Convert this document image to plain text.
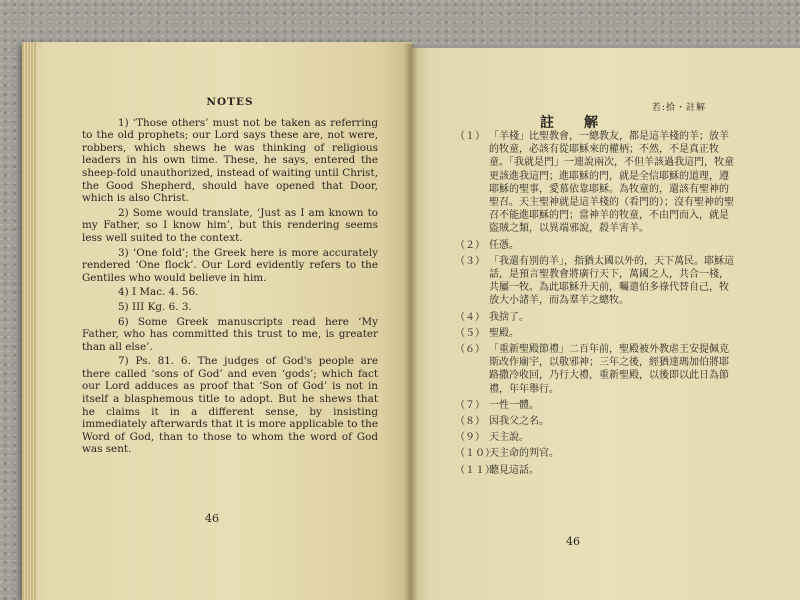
NOTES

1) ‘Those others’ must not be taken as referring to the old prophets; our Lord says these are, not were, robbers, which shews he was thinking of religious leaders in his own time. These, he says, entered the sheep-fold unauthorized, instead of waiting until Christ, the Good Shepherd, should have opened that Door, which is also Christ.

2) Some would translate, ‘Just as I am known to my Father, so I know him’, but this rendering seems less well suited to the context.

3) ‘One fold’; the Greek here is more accurately rendered ‘One flock’. Our Lord evidently refers to the Gentiles who would believe in him.

4) I Mac. 4. 56.

5) III Kg. 6. 3.

6) Some Greek manuscripts read here ‘My Father, who has committed this trust to me, is greater than all else’.

7) Ps. 81. 6. The judges of God's people are there called ‘sons of God’ and even ‘gods’; which fact our Lord adduces as proof that ‘Son of God’ is not in itself a blasphemous title to adopt. But he shews that he claims it in a different sense, by insisting immediately afterwards that it is more applicable to the Word of God, than to those to whom the word of God was sent.

46
若:拾・註解
註　解
（１） 「羊棧」比聖教會，一總教友，都是這羊棧的羊；放羊的牧童，必該有從耶穌來的權柄；不然，不是真正牧童。「我就是門」一連說兩次，不但羊該過我這門，牧童更該進我這門；進耶穌的門，就是全信耶穌的道理，遵耶穌的聖事，愛慕依靠耶穌。為牧童的，還該有聖神的聖召。天主聖神就是這羊棧的（看門的）；沒有聖神的聖召不能進耶穌的門；當神羊的牧童，不由門而入，就是盜賊之類，以異端邪說，殺羊害羊。
（２） 任憑。
（３） 「我還有別的羊」，指猶太國以外的，天下萬民。耶穌這話，是預言聖教會將廣行天下，萬國之人，共合一棧，共屬一牧。為此耶穌升天前，囑遣伯多祿代替自己，牧放大小諸羊，而為羣羊之總牧。
（４） 我捨了。
（５） 聖殿。
（６） 「重新聖殿節禮」二百年前，聖殿被外教虐王安提佩克斯改作廟宇，以敬邪神；三年之後，經猶達瑪加伯將耶路撒冷收回，乃行大禮，重新聖殿，以後即以此日為節禮，年年舉行。
（７） 一性一體。
（８） 因我父之名。
（９） 天主說。
（１０）
天主命的判官。
（１１）
聽見這話。
46
